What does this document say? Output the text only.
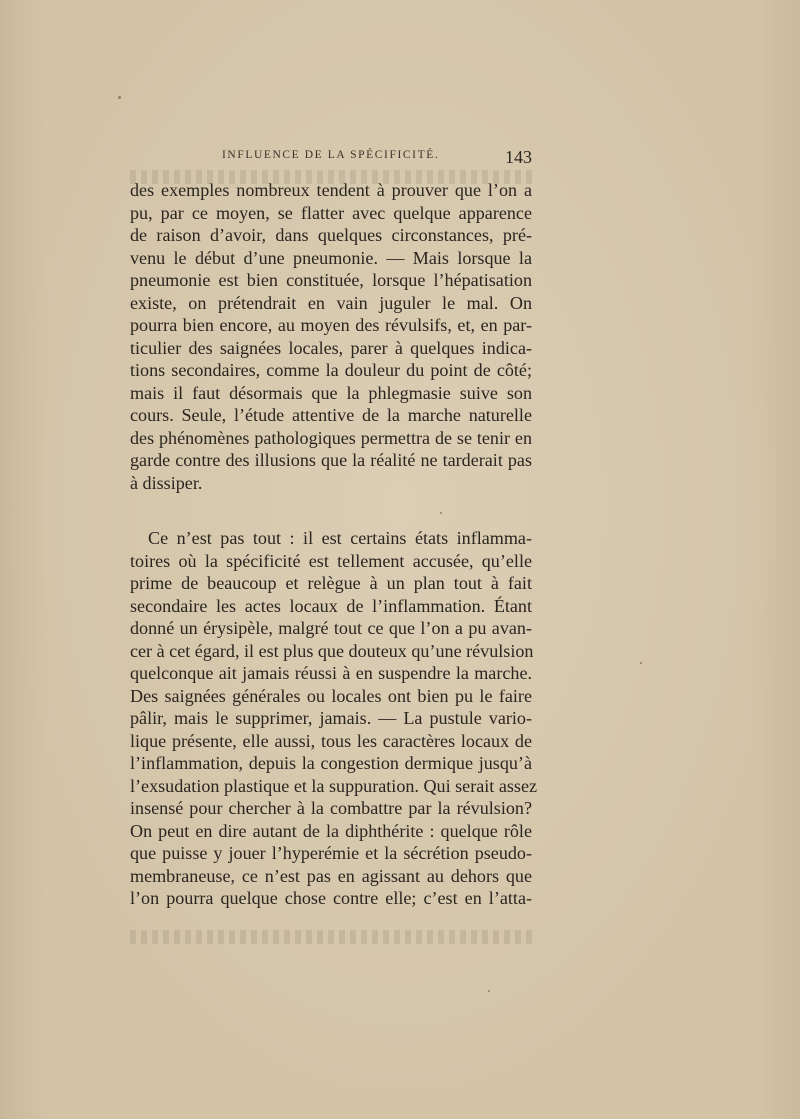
INFLUENCE DE LA SPÉCIFICITÉ.	143
des exemples nombreux tendent à prouver que l’on a
pu, par ce moyen, se flatter avec quelque apparence
de raison d’avoir, dans quelques circonstances, pré-
venu le début d’une pneumonie. — Mais lorsque la
pneumonie est bien constituée, lorsque l’hépatisation
existe, on prétendrait en vain juguler le mal. On
pourra bien encore, au moyen des révulsifs, et, en par-
ticulier des saignées locales, parer à quelques indica-
tions secondaires, comme la douleur du point de côté;
mais il faut désormais que la phlegmasie suive son
cours. Seule, l’étude attentive de la marche naturelle
des phénomènes pathologiques permettra de se tenir en
garde contre des illusions que la réalité ne tarderait pas
à dissiper.
Ce n’est pas tout : il est certains états inflamma-
toires où la spécificité est tellement accusée, qu’elle
prime de beaucoup et relègue à un plan tout à fait
secondaire les actes locaux de l’inflammation. Étant
donné un érysipèle, malgré tout ce que l’on a pu avan-
cer à cet égard, il est plus que douteux qu’une révulsion
quelconque ait jamais réussi à en suspendre la marche.
Des saignées générales ou locales ont bien pu le faire
pâlir, mais le supprimer, jamais. — La pustule vario-
lique présente, elle aussi, tous les caractères locaux de
l’inflammation, depuis la congestion dermique jusqu’à
l’exsudation plastique et la suppuration. Qui serait assez
insensé pour chercher à la combattre par la révulsion?
On peut en dire autant de la diphthérite : quelque rôle
que puisse y jouer l’hyperémie et la sécrétion pseudo-
membraneuse, ce n’est pas en agissant au dehors que
l’on pourra quelque chose contre elle; c’est en l’atta-
